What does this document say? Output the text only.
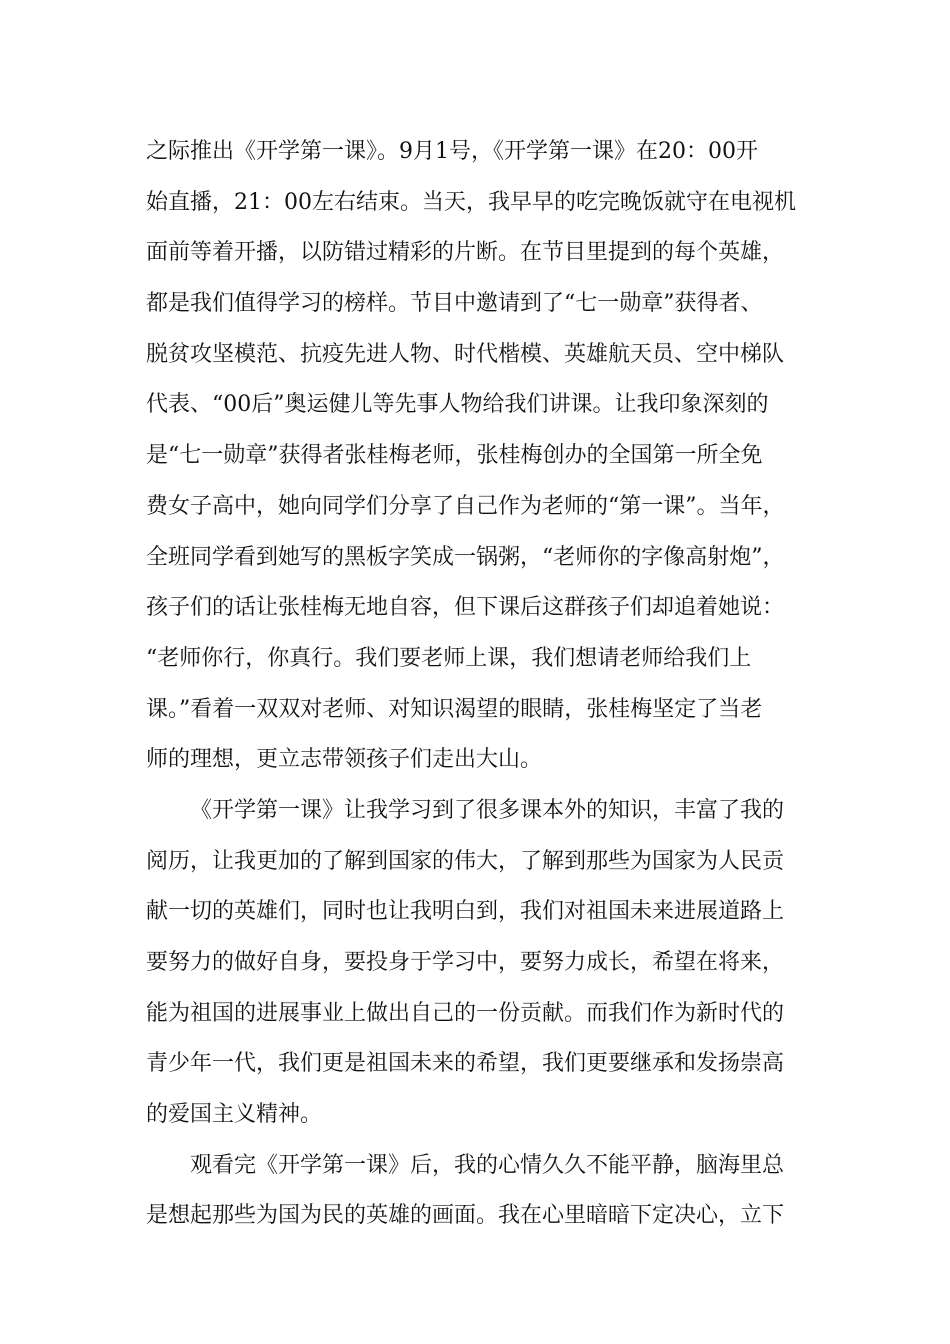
之际推出《开学第一课》。9月1号，《开学第一课》在20：00开
始直播，21：00左右结束。当天，我早早的吃完晚饭就守在电视机
面前等着开播，以防错过精彩的片断。在节目里提到的每个英雄，
都是我们值得学习的榜样。节目中邀请到了“七一勋章”获得者、
脱贫攻坚模范、抗疫先进人物、时代楷模、英雄航天员、空中梯队
代表、“00后”奥运健儿等先事人物给我们讲课。让我印象深刻的
是“七一勋章”获得者张桂梅老师，张桂梅创办的全国第一所全免
费女子高中，她向同学们分享了自己作为老师的“第一课”。当年，
全班同学看到她写的黑板字笑成一锅粥，“老师你的字像高射炮”，
孩子们的话让张桂梅无地自容，但下课后这群孩子们却追着她说：
“老师你行，你真行。我们要老师上课，我们想请老师给我们上
课。”看着一双双对老师、对知识渴望的眼睛，张桂梅坚定了当老
师的理想，更立志带领孩子们走出大山。
《开学第一课》让我学习到了很多课本外的知识，丰富了我的
阅历，让我更加的了解到国家的伟大，了解到那些为国家为人民贡
献一切的英雄们，同时也让我明白到，我们对祖国未来进展道路上
要努力的做好自身，要投身于学习中，要努力成长，希望在将来，
能为祖国的进展事业上做出自己的一份贡献。而我们作为新时代的
青少年一代，我们更是祖国未来的希望，我们更要继承和发扬崇高
的爱国主义精神。
观看完《开学第一课》后，我的心情久久不能平静，脑海里总
是想起那些为国为民的英雄的画面。我在心里暗暗下定决心，立下
